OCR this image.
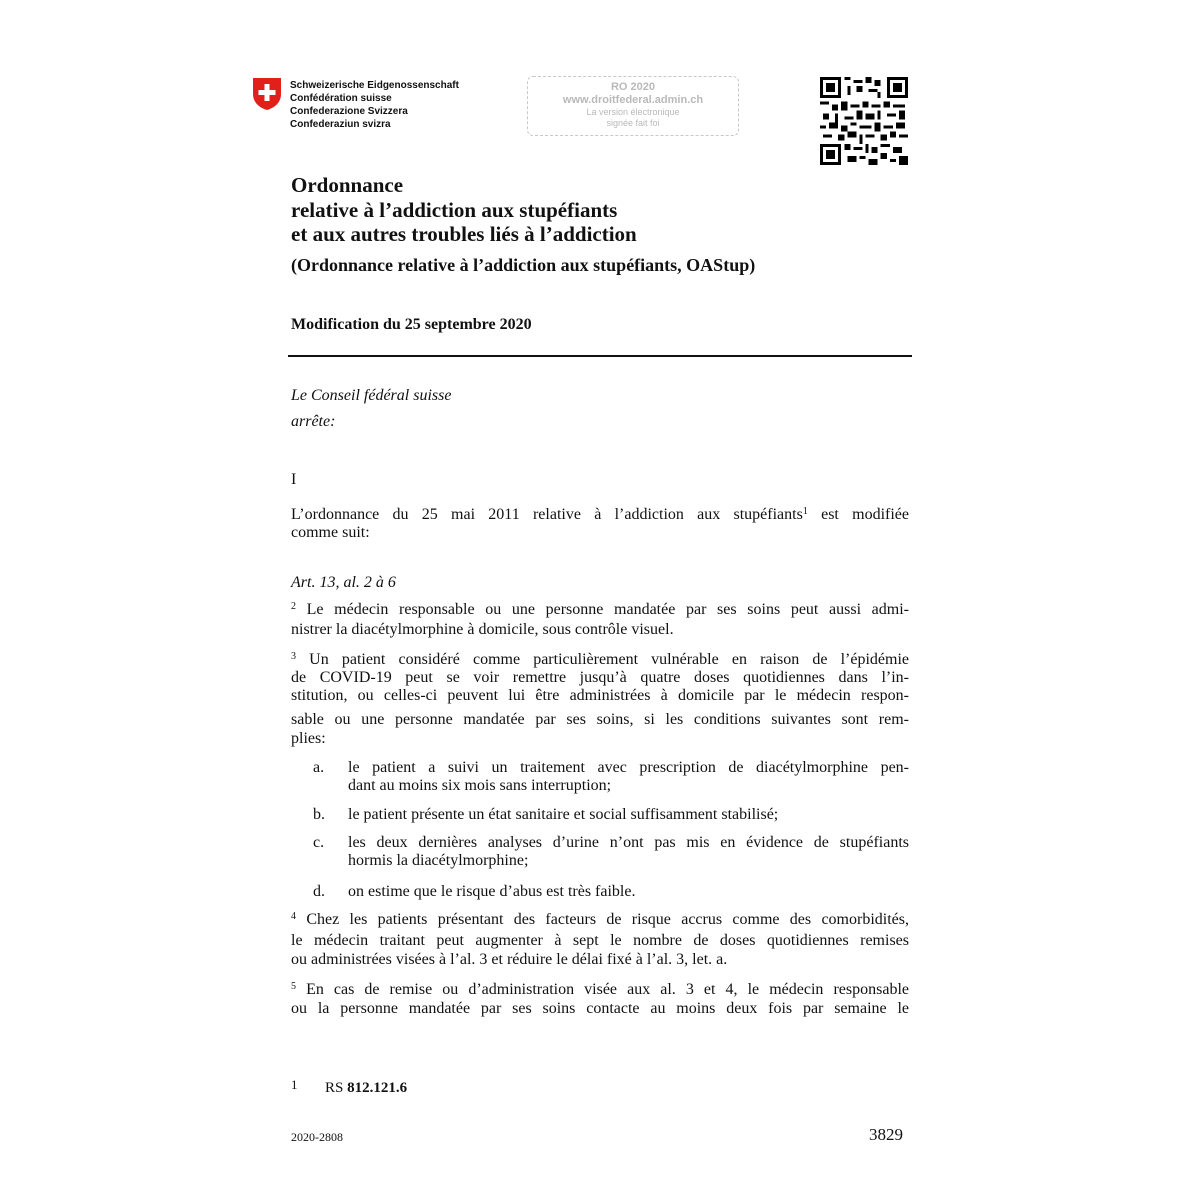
Schweizerische Eidgenossenschaft
Confédération suisse
Confederazione Svizzera
Confederaziun svizra
RO 2020
www.droitfederal.admin.ch
La version électronique
signée fait foi
Ordonnance
relative à l’addiction aux stupéfiants
et aux autres troubles liés à l’addiction
(Ordonnance relative à l’addiction aux stupéfiants, OAStup)
Modification du 25 septembre 2020
Le Conseil fédéral suisse
arrête:
I
L’ordonnance du 25 mai 2011 relative à l’addiction aux stupéfiants$^1$ est modifiée
comme suit:
Art. 13, al. 2 à 6
$^2$ Le médecin responsable ou une personne mandatée par ses soins peut aussi admi-
nistrer la diacétylmorphine à domicile, sous contrôle visuel.
$^3$ Un patient considéré comme particulièrement vulnérable en raison de l’épidémie
de COVID-19 peut se voir remettre jusqu’à quatre doses quotidiennes dans l’in-
stitution, ou celles-ci peuvent lui être administrées à domicile par le médecin respon-
sable ou une personne mandatée par ses soins, si les conditions suivantes sont rem-
plies:
a. le patient a suivi un traitement avec prescription de diacétylmorphine pen-
dant au moins six mois sans interruption;
b. le patient présente un état sanitaire et social suffisamment stabilisé;
c. les deux dernières analyses d’urine n’ont pas mis en évidence de stupéfiants
hormis la diacétylmorphine;
d. on estime que le risque d’abus est très faible.
$^4$ Chez les patients présentant des facteurs de risque accrus comme des comorbidités,
le médecin traitant peut augmenter à sept le nombre de doses quotidiennes remises
ou administrées visées à l’al. 3 et réduire le délai fixé à l’al. 3, let. a.
$^5$ En cas de remise ou d’administration visée aux al. 3 et 4, le médecin responsable
ou la personne mandatée par ses soins contacte au moins deux fois par semaine le
1 RS 812.121.6
2020-2808	3829
